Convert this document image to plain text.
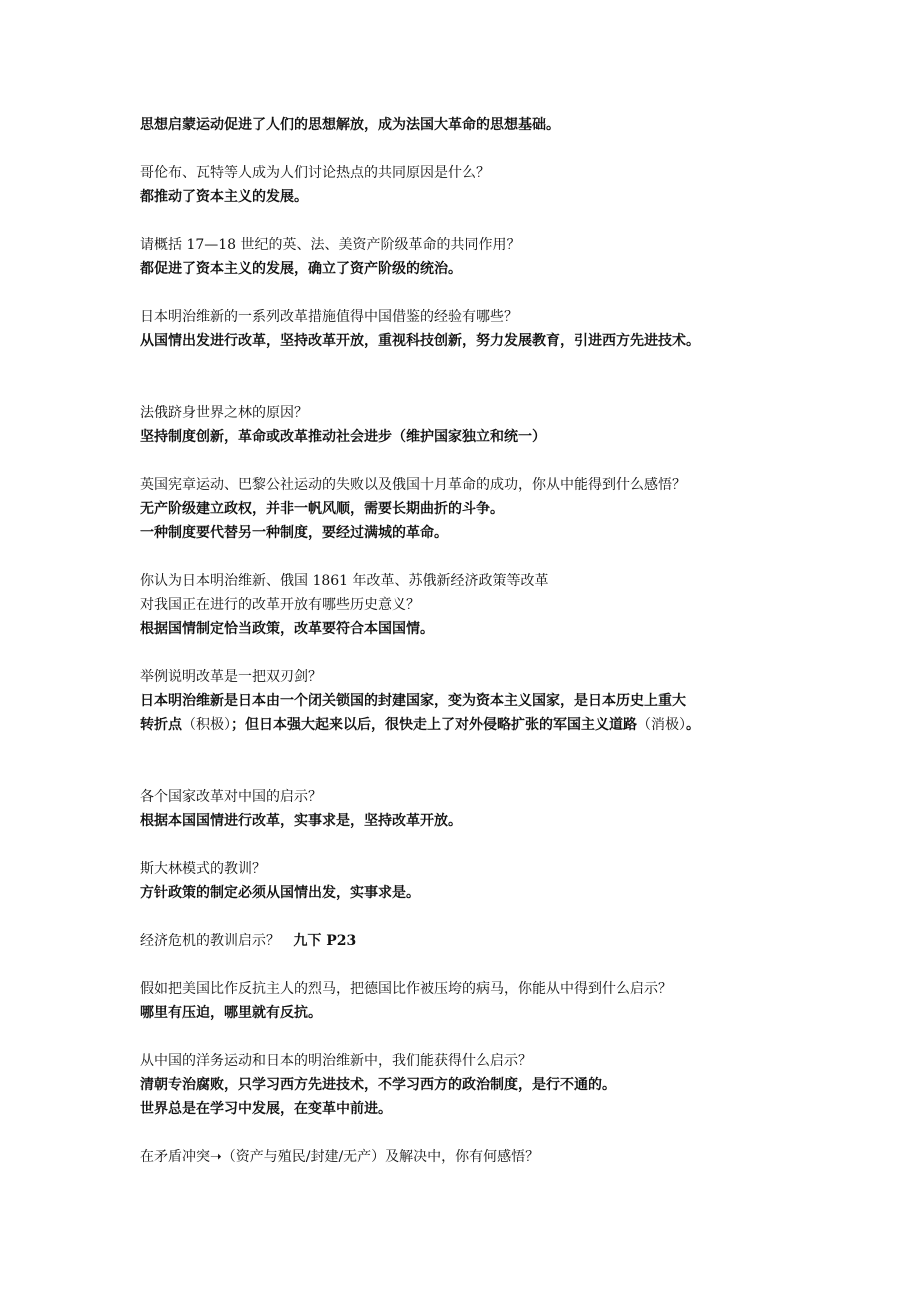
思想启蒙运动促进了人们的思想解放，成为法国大革命的思想基础。
哥伦布、瓦特等人成为人们讨论热点的共同原因是什么？
都推动了资本主义的发展。
请概括 17—18 世纪的英、法、美资产阶级革命的共同作用？
都促进了资本主义的发展，确立了资产阶级的统治。
日本明治维新的一系列改革措施值得中国借鉴的经验有哪些？
从国情出发进行改革，坚持改革开放，重视科技创新，努力发展教育，引进西方先进技术。
法俄跻身世界之林的原因？
坚持制度创新，革命或改革推动社会进步（维护国家独立和统一）
英国宪章运动、巴黎公社运动的失败以及俄国十月革命的成功，你从中能得到什么感悟？
无产阶级建立政权，并非一帆风顺，需要长期曲折的斗争。
一种制度要代替另一种制度，要经过满城的革命。
你认为日本明治维新、俄国 1861 年改革、苏俄新经济政策等改革
对我国正在进行的改革开放有哪些历史意义？
根据国情制定恰当政策，改革要符合本国国情。
举例说明改革是一把双刃剑？
日本明治维新是日本由一个闭关锁国的封建国家，变为资本主义国家，是日本历史上重大
转折点（积极）；但日本强大起来以后，很快走上了对外侵略扩张的军国主义道路（消极）。
各个国家改革对中国的启示？
根据本国国情进行改革，实事求是，坚持改革开放。
斯大林模式的教训？
方针政策的制定必须从国情出发，实事求是。
经济危机的教训启示？ 九下 P23
假如把美国比作反抗主人的烈马，把德国比作被压垮的病马，你能从中得到什么启示？
哪里有压迫，哪里就有反抗。
从中国的洋务运动和日本的明治维新中，我们能获得什么启示？
清朝专治腐败，只学习西方先进技术，不学习西方的政治制度，是行不通的。
世界总是在学习中发展，在变革中前进。
在矛盾冲突➝（资产与殖民/封建/无产）及解决中，你有何感悟？
